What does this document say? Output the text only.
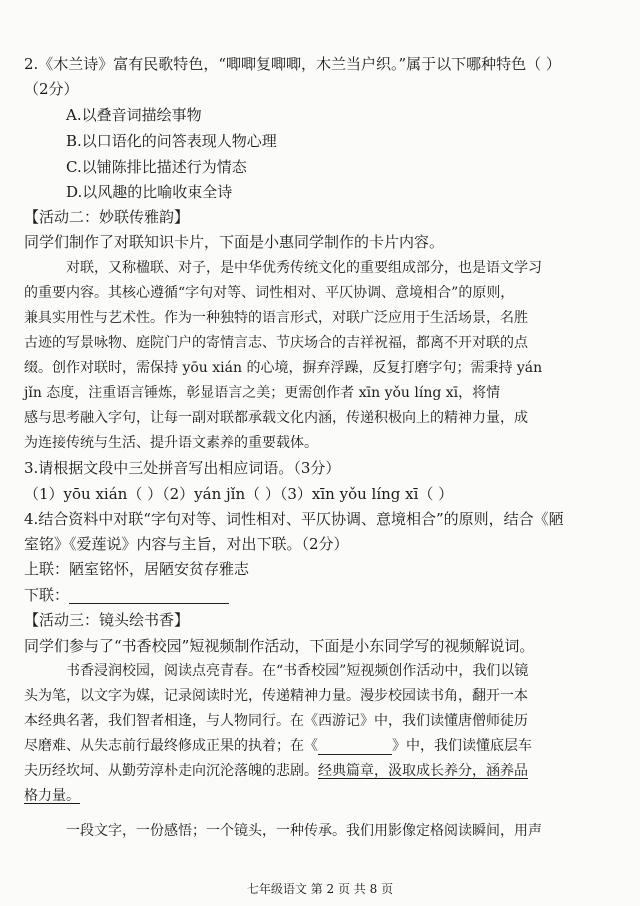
2.《木兰诗》富有民歌特色，“唧唧复唧唧，木兰当户织。”属于以下哪种特色（ ）
（2分）
A.以叠音词描绘事物
B.以口语化的问答表现人物心理
C.以铺陈排比描述行为情态
D.以风趣的比喻收束全诗
【活动二：妙联传雅韵】
同学们制作了对联知识卡片，下面是小惠同学制作的卡片内容。
对联，又称楹联、对子，是中华优秀传统文化的重要组成部分，也是语文学习
的重要内容。其核心遵循“字句对等、词性相对、平仄协调、意境相合”的原则，
兼具实用性与艺术性。作为一种独特的语言形式，对联广泛应用于生活场景，名胜
古迹的写景咏物、庭院门户的寄情言志、节庆场合的吉祥祝福，都离不开对联的点
缀。创作对联时，需保持 yōu xián 的心境，摒弃浮躁，反复打磨字句；需秉持 yán
jǐn 态度，注重语言锤炼，彰显语言之美；更需创作者 xīn yǒu líng xī，将情
感与思考融入字句，让每一副对联都承载文化内涵，传递积极向上的精神力量，成
为连接传统与生活、提升语文素养的重要载体。
3.请根据文段中三处拼音写出相应词语。（3分）
（1）yōu xián（ ）（2）yán jǐn（ ）（3）xīn yǒu líng xī（ ）
4.结合资料中对联“字句对等、词性相对、平仄协调、意境相合”的原则，结合《陋
室铭》《爱莲说》内容与主旨，对出下联。（2分）
上联：陋室铭怀，居陋安贫存雅志
下联：
【活动三：镜头绘书香】
同学们参与了“书香校园”短视频制作活动，下面是小东同学写的视频解说词。
书香浸润校园，阅读点亮青春。在“书香校园”短视频创作活动中，我们以镜
头为笔，以文字为媒，记录阅读时光，传递精神力量。漫步校园读书角，翻开一本
本经典名著，我们智者相逢，与人物同行。在《西游记》中，我们读懂唐僧师徒历
尽磨难、从失志前行最终修成正果的执着；在《	》中，我们读懂底层车
夫历经坎坷、从勤劳淳朴走向沉沦落魄的悲剧。经典篇章，汲取成长养分，涵养品
格力量。
一段文字，一份感悟；一个镜头，一种传承。我们用影像定格阅读瞬间，用声
七年级语文 第 2 页 共 8 页
